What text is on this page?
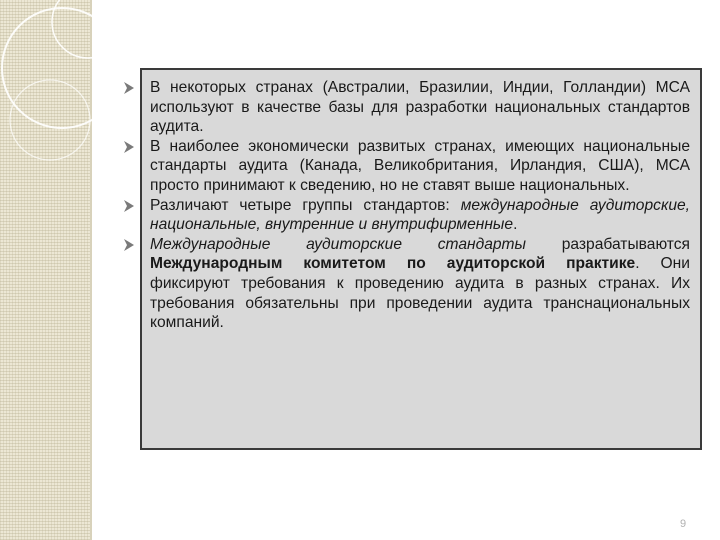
В некоторых странах (Австралии, Бразилии, Индии, Голландии) МСА используют в качестве базы для разработки национальных стандартов аудита.
В наиболее экономически развитых странах, имеющих национальные стандарты аудита (Канада, Великобритания, Ирландия, США), МСА просто принимают к сведению, но не ставят выше национальных.
Различают четыре группы стандартов: международные аудиторские, национальные, внутренние и внутрифирменные.
Международные аудиторские стандарты разрабатываются Международным комитетом по аудиторской практике. Они фиксируют требования к проведению аудита в разных странах. Их требования обязательны при проведении аудита транснациональных компаний.
9
